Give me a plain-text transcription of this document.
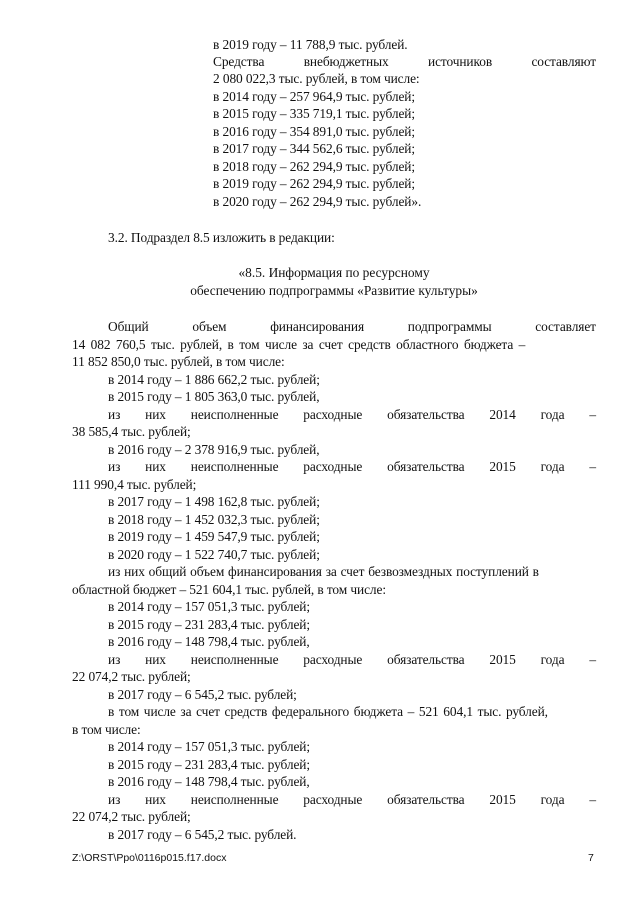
в 2019 году – 11 788,9 тыс. рублей.
Средства	внебюджетных	источников	составляют
2 080 022,3 тыс. рублей, в том числе:
в 2014 году – 257 964,9 тыс. рублей;
в 2015 году – 335 719,1 тыс. рублей;
в 2016 году – 354 891,0 тыс. рублей;
в 2017 году – 344 562,6 тыс. рублей;
в 2018 году – 262 294,9 тыс. рублей;
в 2019 году – 262 294,9 тыс. рублей;
в 2020 году – 262 294,9 тыс. рублей».
3.2. Подраздел 8.5 изложить в редакции:
«8.5. Информация по ресурсному
обеспечению подпрограммы «Развитие культуры»
Общий	объем	финансирования	подпрограммы	составляет
14 082 760,5 тыс. рублей, в том числе за счет средств областного бюджета –
11 852 850,0 тыс. рублей, в том числе:
в 2014 году – 1 886 662,2 тыс. рублей;
в 2015 году – 1 805 363,0 тыс. рублей,
из них неисполненные расходные обязательства 2014 года –
38 585,4 тыс. рублей;
в 2016 году – 2 378 916,9 тыс. рублей,
из них неисполненные расходные обязательства 2015 года –
111 990,4 тыс. рублей;
в 2017 году – 1 498 162,8 тыс. рублей;
в 2018 году – 1 452 032,3 тыс. рублей;
в 2019 году – 1 459 547,9 тыс. рублей;
в 2020 году – 1 522 740,7 тыс. рублей;
из них общий объем финансирования за счет безвозмездных поступлений в
областной бюджет – 521 604,1 тыс. рублей, в том числе:
в 2014 году – 157 051,3 тыс. рублей;
в 2015 году – 231 283,4 тыс. рублей;
в 2016 году – 148 798,4 тыс. рублей,
из них неисполненные расходные обязательства 2015 года –
22 074,2 тыс. рублей;
в 2017 году – 6 545,2 тыс. рублей;
в том числе за счет средств федерального бюджета – 521 604,1 тыс. рублей,
в том числе:
в 2014 году – 157 051,3 тыс. рублей;
в 2015 году – 231 283,4 тыс. рублей;
в 2016 году – 148 798,4 тыс. рублей,
из них неисполненные расходные обязательства 2015 года –
22 074,2 тыс. рублей;
в 2017 году – 6 545,2 тыс. рублей.
Z:\ORST\Ppo\0116p015.f17.docx	7
